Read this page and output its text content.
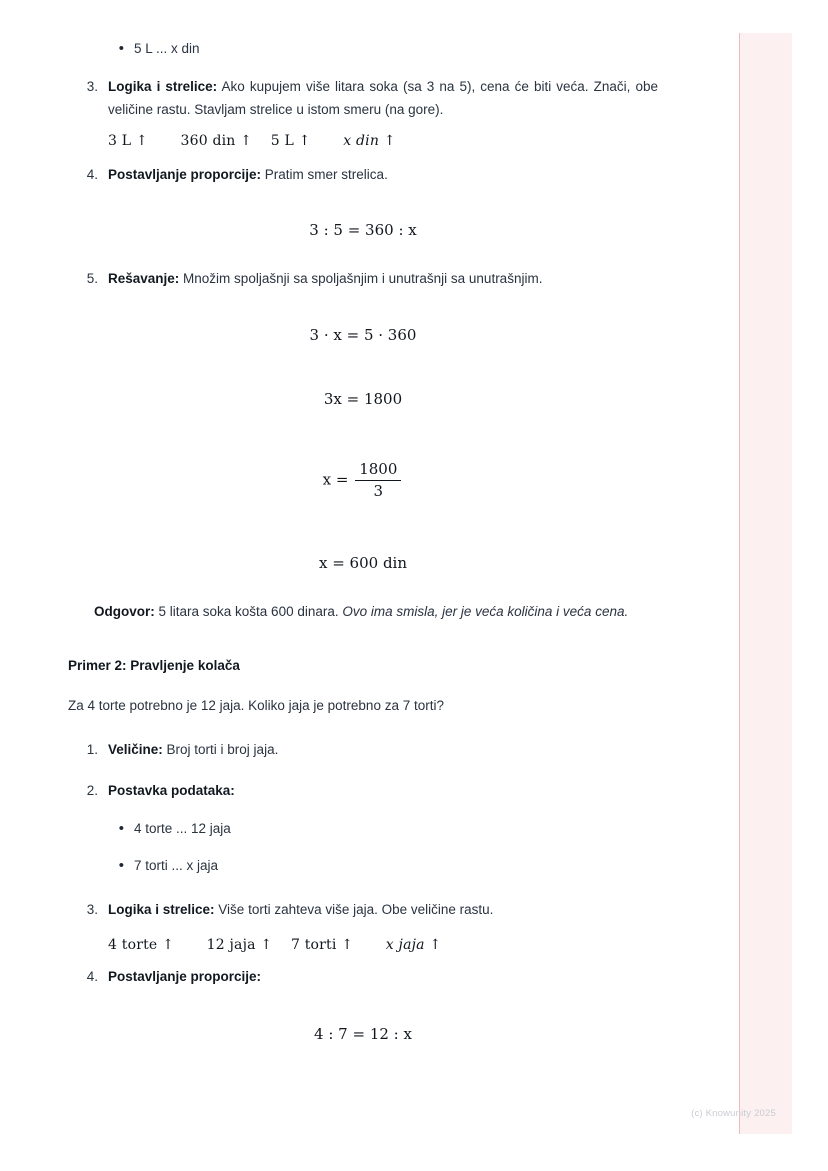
• 5 L ... x din
3. Logika i strelice: Ako kupujem više litara soka (sa 3 na 5), cena će biti veća. Znači, obe veličine rastu. Stavljam strelice u istom smeru (na gore).
3 L ↑ 360 din ↑ 5 L ↑ x din ↑
4. Postavljanje proporcije: Pratim smer strelica.
3 : 5 = 360 : x
5. Rešavanje: Množim spoljašnji sa spoljašnjim i unutrašnji sa unutrašnjim.
3 · x = 5 · 360
3x = 1800
$x = \frac{1800}{3}$
x = 600 din
Odgovor: 5 litara soka košta 600 dinara. Ovo ima smisla, jer je veća količina i veća cena.
Primer 2: Pravljenje kolača
Za 4 torte potrebno je 12 jaja. Koliko jaja je potrebno za 7 torti?
1. Veličine: Broj torti i broj jaja.
2. Postavka podataka:
• 4 torte ... 12 jaja
• 7 torti ... x jaja
3. Logika i strelice: Više torti zahteva više jaja. Obe veličine rastu.
4 torte ↑ 12 jaja ↑ 7 torti ↑ x jaja ↑
4. Postavljanje proporcije:
4 : 7 = 12 : x
(c) Knowunity 2025
